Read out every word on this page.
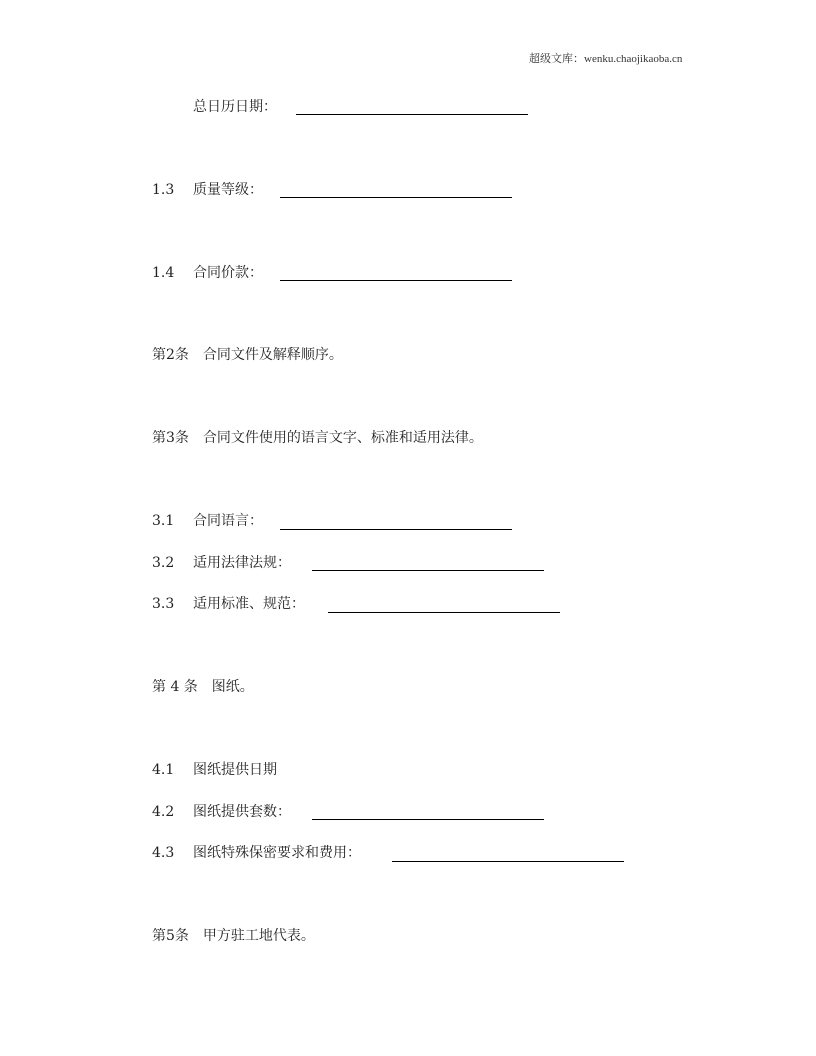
超级文库：wenku.chaojikaoba.cn
总日历日期：
1.3 质量等级：
1.4 合同价款：
第2条　合同文件及解释顺序。
第3条　合同文件使用的语言文字、标准和适用法律。
3.1 合同语言：
3.2 适用法律法规：
3.3 适用标准、规范：
第 4 条　图纸。
4.1 图纸提供日期
4.2 图纸提供套数：
4.3 图纸特殊保密要求和费用：
第5条　甲方驻工地代表。
